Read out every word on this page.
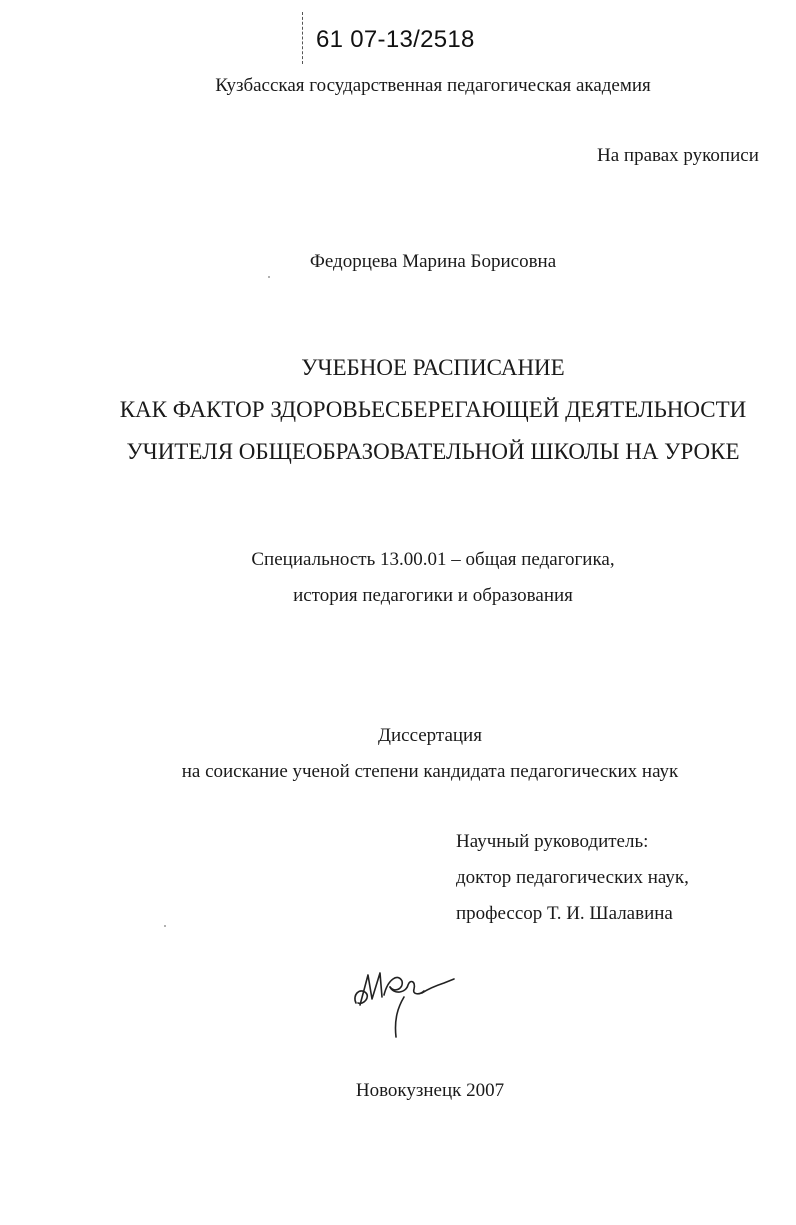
61 07-13/2518
Кузбасская государственная педагогическая академия
На правах рукописи
Федорцева Марина Борисовна
УЧЕБНОЕ РАСПИСАНИЕ
КАК ФАКТОР ЗДОРОВЬЕСБЕРЕГАЮЩЕЙ ДЕЯТЕЛЬНОСТИ
УЧИТЕЛЯ ОБЩЕОБРАЗОВАТЕЛЬНОЙ ШКОЛЫ НА УРОКЕ
Специальность 13.00.01 – общая педагогика,
история педагогики и образования
Диссертация
на соискание ученой степени кандидата педагогических наук
Научный руководитель:
доктор педагогических наук,
профессор Т. И. Шалавина
Новокузнецк 2007
